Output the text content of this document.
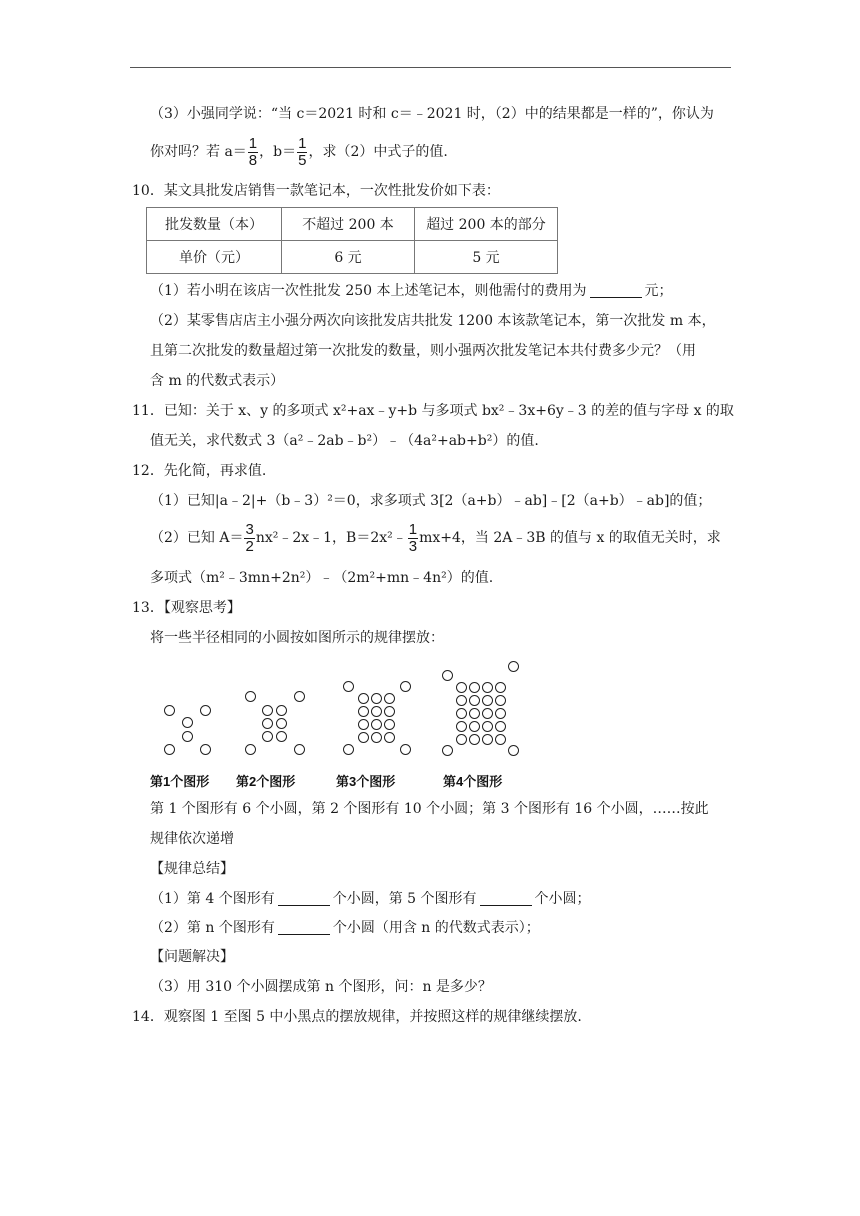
（3）小强同学说：“当 c＝2021 时和 c＝﹣2021 时，（2）中的结果都是一样的”，你认为
你对吗？若 $a= \frac{1}{8}$ ，$b= \frac{1}{5}$ ，求（2）中式子的值.
10．某文具批发店销售一款笔记本，一次性批发价如下表：
批发数量（本）	不超过 200 本	超过 200 本的部分
单价（元）	6 元	5 元
（1）若小明在该店一次性批发 250 本上述笔记本，则他需付的费用为	元；
（2）某零售店店主小强分两次向该批发店共批发 1200 本该款笔记本，第一次批发 m 本，
且第二次批发的数量超过第一次批发的数量，则小强两次批发笔记本共付费多少元？（用
含 m 的代数式表示）
11．已知：关于 x、y 的多项式 x²+ax﹣y+b 与多项式 bx²﹣3x+6y﹣3 的差的值与字母 x 的取
值无关，求代数式 3（a²﹣2ab﹣b²）﹣（4a²+ab+b²）的值.
12．先化简，再求值.
（1）已知|a﹣2|+（b﹣3）²＝0，求多项式 3[2（a+b）﹣ab]﹣[2（a+b）﹣ab]的值；
（2）已知 $A= \frac{3}{2}$ nx²﹣2x﹣1，B＝2x²﹣ $\frac{1}{3} mx+4$，当 2A﹣3B 的值与 x 的取值无关时，求
多项式（m²﹣3mn+2n²）﹣（2m²+mn﹣4n²）的值.
13．【观察思考】
将一些半径相同的小圆按如图所示的规律摆放：
第1个图形 第2个图形	第3个图形	第4个图形
第 1 个图形有 6 个小圆，第 2 个图形有 10 个小圆；第 3 个图形有 16 个小圆，……按此
规律依次递增
【规律总结】
（1）第 4 个图形有	个小圆，第 5 个图形有	个小圆；
（2）第 n 个图形有	个小圆（用含 n 的代数式表示）；
【问题解决】
（3）用 310 个小圆摆成第 n 个图形，问：n 是多少？
14．观察图 1 至图 5 中小黑点的摆放规律，并按照这样的规律继续摆放.
